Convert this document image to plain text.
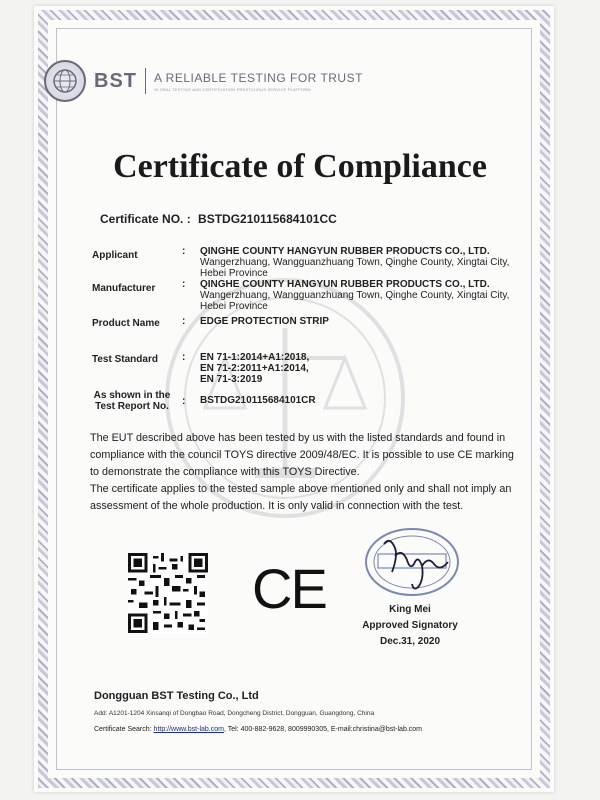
BST A RELIABLE TESTING FOR TRUST
GLOBAL TESTING AND CERTIFICATION PRESTIGIOUS SERVICE PLATFORM
Certificate of Compliance
Certificate NO. : BSTDG210115684101CC
Applicant	: QINGHE COUNTY HANGYUN RUBBER PRODUCTS CO., LTD.
Wangerzhuang, Wangguanzhuang Town, Qinghe County, Xingtai City,
Hebei Province
Manufacturer	: QINGHE COUNTY HANGYUN RUBBER PRODUCTS CO., LTD.
Wangerzhuang, Wangguanzhuang Town, Qinghe County, Xingtai City,
Hebei Province
Product Name	: EDGE PROTECTION STRIP
Test Standard	: EN 71-1:2014+A1:2018,
EN 71-2:2011+A1:2014,
EN 71-3:2019
As shown in the
Test Report No.	: BSTDG210115684101CR

The EUT described above has been tested by us with the listed standards and found in compliance with the council TOYS directive 2009/48/EC. It is possible to use CE marking to demonstrate the compliance with this TOYS Directive.

The certificate applies to the tested sample above mentioned only and shall not imply an assessment of the whole production. It is only valid in connection with the test.

CE	King Mei
Approved Signatory
Dec.31, 2020
Dongguan BST Testing Co., Ltd
Add: A1201-1204 Xinsanqi of Dongbao Road, Dongcheng District, Dongguan, Guangdong, China
Certificate Search: http://www.bst-lab.com, Tel: 400-882-9628, 8009990305, E-mail:christina@bst-lab.com
